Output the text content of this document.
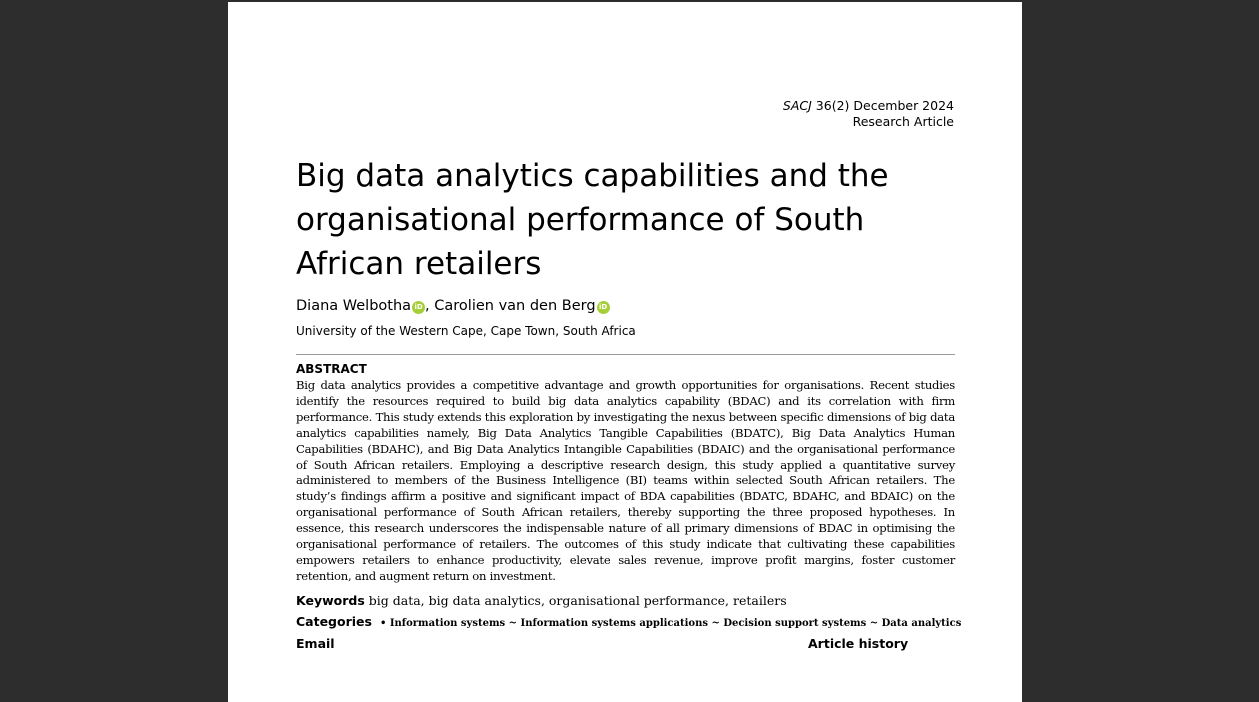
SACJ 36(2) December 2024
Research Article
Big data analytics capabilities and the organisational performance of South African retailers
Diana Welbotha iD , Carolien van den Berg iD
University of the Western Cape, Cape Town, South Africa
ABSTRACT

Big data analytics provides a competitive advantage and growth opportunities for organisations. Recent studies identify the resources required to build big data analytics capability (BDAC) and its correlation with firm performance. This study extends this exploration by investigating the nexus between specific dimensions of big data analytics capabilities namely, Big Data Analytics Tangible Capabilities (BDATC), Big Data Analytics Human Capabilities (BDAHC), and Big Data Analytics Intangible Capabilities (BDAIC) and the organisational performance of South African retailers. Employing a descriptive research design, this study applied a quantitative survey administered to members of the Business Intelligence (BI) teams within selected South African retailers. The study’s findings affirm a positive and significant impact of BDA capabilities (BDATC, BDAHC, and BDAIC) on the organisational performance of South African retailers, thereby supporting the three proposed hypotheses. In essence, this research underscores the indispensable nature of all primary dimensions of BDAC in optimising the organisational performance of retailers. The outcomes of this study indicate that cultivating these capabilities empowers retailers to enhance productivity, elevate sales revenue, improve profit margins, foster customer retention, and augment return on investment.

Keywords big data, big data analytics, organisational performance, retailers
Categories • Information systems ~ Information systems applications ~ Decision support systems ~ Data analytics
Email	Article history
